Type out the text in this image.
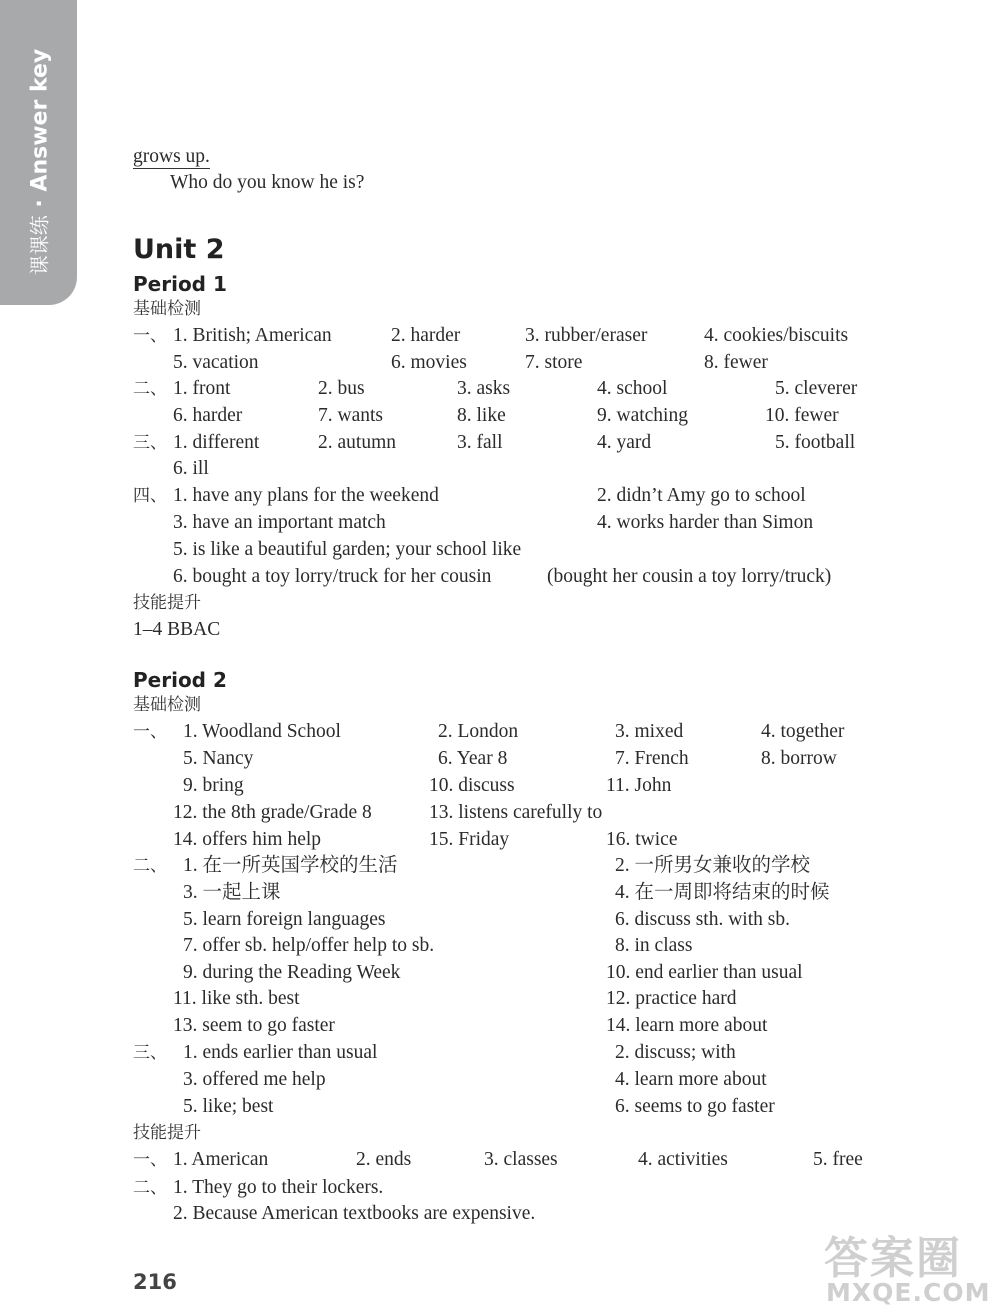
课课练 · Answer key	grows up.
Who do you know he is?
Unit 2
Period 1
基础检测
一、 1. British; American	2. harder	3. rubber/eraser	4. cookies/biscuits
5. vacation	6. movies	7. store	8. fewer
二、 1. front	2. bus	3. asks	4. school	5. cleverer
6. harder	7. wants	8. like	9. watching	10. fewer
三、 1. different	2. autumn	3. fall	4. yard	5. football
6. ill
四、 1. have any plans for the weekend	2. didn’t Amy go to school
3. have an important match	4. works harder than Simon
5. is like a beautiful garden; your school like
6. bought a toy lorry/truck for her cousin	(bought her cousin a toy lorry/truck)
技能提升
1–4 BBAC
Period 2
基础检测
一、 1. Woodland School	2. London	3. mixed	4. together
5. Nancy	6. Year 8	7. French	8. borrow
9. bring	10. discuss	11. John
12. the 8th grade/Grade 8	13. listens carefully to
14. offers him help	15. Friday	16. twice
二、 1. 在一所英国学校的生活	2. 一所男女兼收的学校
3. 一起上课	4. 在一周即将结束的时候
5. learn foreign languages	6. discuss sth. with sb.
7. offer sb. help/offer help to sb.	8. in class
9. during the Reading Week	10. end earlier than usual
11. like sth. best	12. practice hard
13. seem to go faster	14. learn more about
三、 1. ends earlier than usual	2. discuss; with
3. offered me help	4. learn more about
5. like; best	6. seems to go faster
技能提升
一、 1. American	2. ends	3. classes	4. activities	5. free
二、 1. They go to their lockers.
2. Because American textbooks are expensive.
216	答案圈
MXQE.COM
